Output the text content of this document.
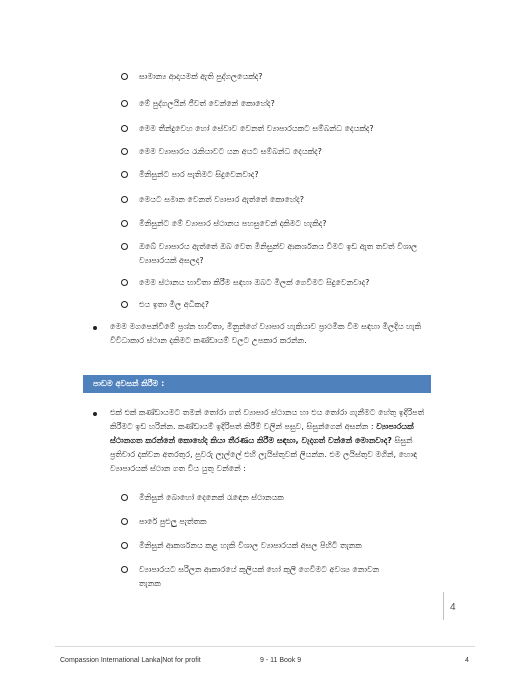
සාමාන්‍ය ආදායමක් ඇති පුද්ගලයෙක්ද?
මේ පුද්ගලයින් ජීවත් වෙන්නේ කොහේද?
මෙම තීන්දුවෙහ හෝ සේවාව වෙනත් ව්‍යාපාරයකට සම්බන්ධ දෙයක්ද?
මෙම ව්‍යාපාරය රැකියාවට යන අයට සම්බන්ධ දෙයක්ද?
මිනිසුන්ට පාර පැතිමට සිදුවෙනවාද?
මෙයට සමාන වෙනත් ව්‍යාපාර ඇත්තේ කොහේද?
මිනිසුන්ට මේ ව්‍යාපාර ස්ථානය පහසුවෙන් දකිමට හැකිද?
ඔබේ ව්‍යාපාරය ඇත්තේ ඔබ වෙත මිනිසුන්ව ආකර්ශනය වීමට ඉඩ ඇත තවත් විශාල ව්‍යාපාරයක් අසලද?
මෙම ස්ථානය භාවිතා කිරීම සඳහා ඔබට මිලක් ගෙවීමට සිදුවෙනවාද?
එය ඉතා මිල අධිකද?
මෙම මගපෙන්වීමේ ප්‍රශ්න භාවිතා, මිනුන්ගේ ව්‍යාපාර හැකියාව ප්‍රාථමික වීම සඳහා මිලදිය හැකි විවිධාකාර ස්ථාන දකිමට කණ්ඩායම් වලට උපකාර කරන්න.
පාඩම අවසන් කිරීම :
එක් එක් කණ්ඩායමට තමන් තෝරා ගත් ව්‍යාපාර ස්ථානය හා එය තෝරා ගැනීමට හේතු ඉදිරිපත් කිරීමට ඉඩ හරින්න. කණ්ඩායම් ඉදිරිපත් කිරීම් වලින් පසුව, සිසුන්ගෙන් අසන්න : ව්‍යාපාරයක් ස්ථානගත කරන්නේ කොහේද කියා තීරණය කිරීම සඳහා, වැදගත් වන්නේ මොනවාද? සිසුන් ප්‍රතිචාර දක්වන අතරතුර, පුවරු ලෑල්ලේ එහි ලැයිස්තුවක් ලියන්න. එම ලයිස්තුව මගින්, හොඳ ව්‍යාපාරයක් ස්ථාන ගත විය යුතු වන්නේ :
මිනිසුන් බොහෝ දෙනෙක් රැඳෙන ස්ථානයක
පාරේ පුළුලු පැත්තක
මිනිසුන් ආකර්ශනය කළ හැකි විශාල ව්‍යාපාරයක් අසල පිහිටි තැනක
ව්‍යාපාරයට සරිලන ආකාරයේ කුලියක් හෝ කුලී ගෙවීමට අවශ්‍ය නොවන තැනක
4
Compassion International Lanka|Not for profit	9 - 11 Book 9	4
